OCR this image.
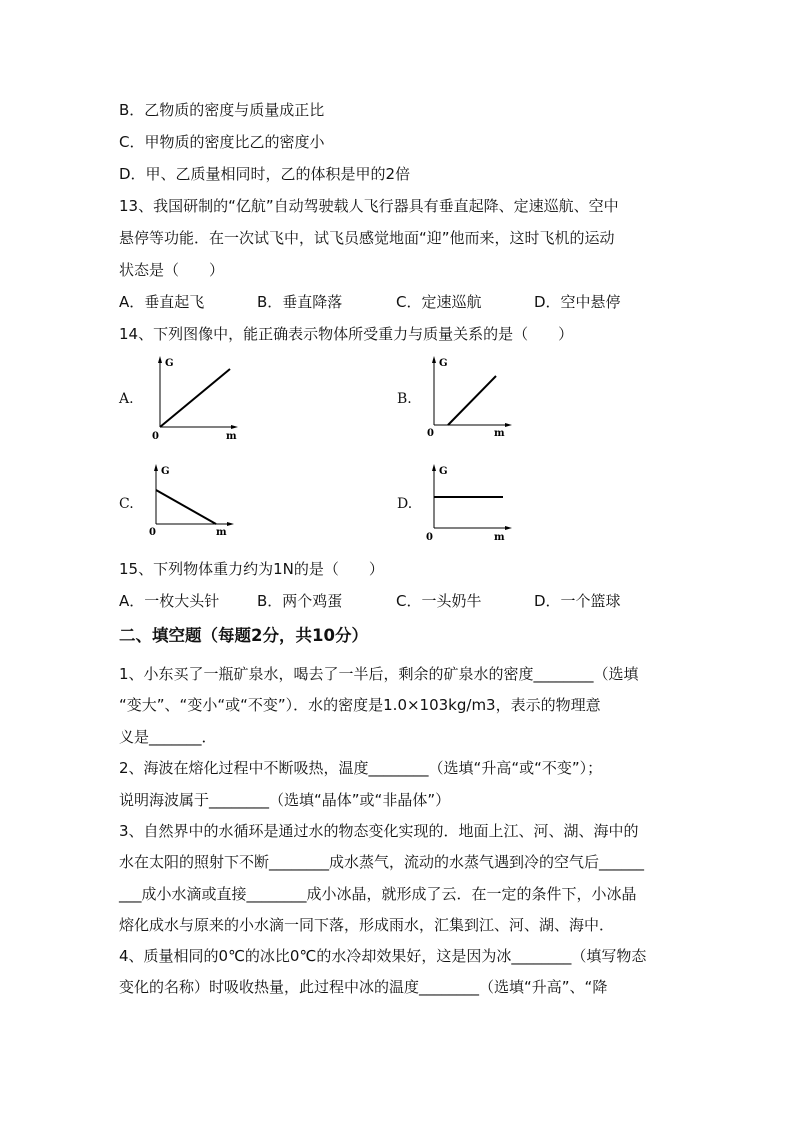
B．乙物质的密度与质量成正比
C．甲物质的密度比乙的密度小
D．甲、乙质量相同时，乙的体积是甲的2倍
13、我国研制的“亿航”自动驾驶载人飞行器具有垂直起降、定速巡航、空中
悬停等功能．在一次试飞中，试飞员感觉地面“迎”他而来，这时飞机的运动
状态是（　　）
A．垂直起飞	B．垂直降落	C．定速巡航	D．空中悬停
14、下列图像中，能正确表示物体所受重力与质量关系的是（　　）
A.
G
0	m
B.
G
0	m
C.
G
0	m
D.
G
0	m
15、下列物体重力约为1N的是（　　）
A．一枚大头针	B．两个鸡蛋	C．一头奶牛	D．一个篮球
二、填空题（每题2分，共10分）
1、小东买了一瓶矿泉水，喝去了一半后，剩余的矿泉水的密度________（选填
“变大”、“变小“或“不变”）．水的密度是1.0×103kg/m3，表示的物理意
义是_______．
2、海波在熔化过程中不断吸热，温度________（选填“升高“或“不变”）；
说明海波属于________（选填“晶体”或“非晶体”）
3、自然界中的水循环是通过水的物态变化实现的．地面上江、河、湖、海中的
水在太阳的照射下不断________成水蒸气，流动的水蒸气遇到冷的空气后______
___成小水滴或直接________成小冰晶，就形成了云．在一定的条件下，小冰晶
熔化成水与原来的小水滴一同下落，形成雨水，汇集到江、河、湖、海中．
4、质量相同的0℃的冰比0℃的水冷却效果好，这是因为冰________（填写物态
变化的名称）时吸收热量，此过程中冰的温度________（选填“升高”、“降
